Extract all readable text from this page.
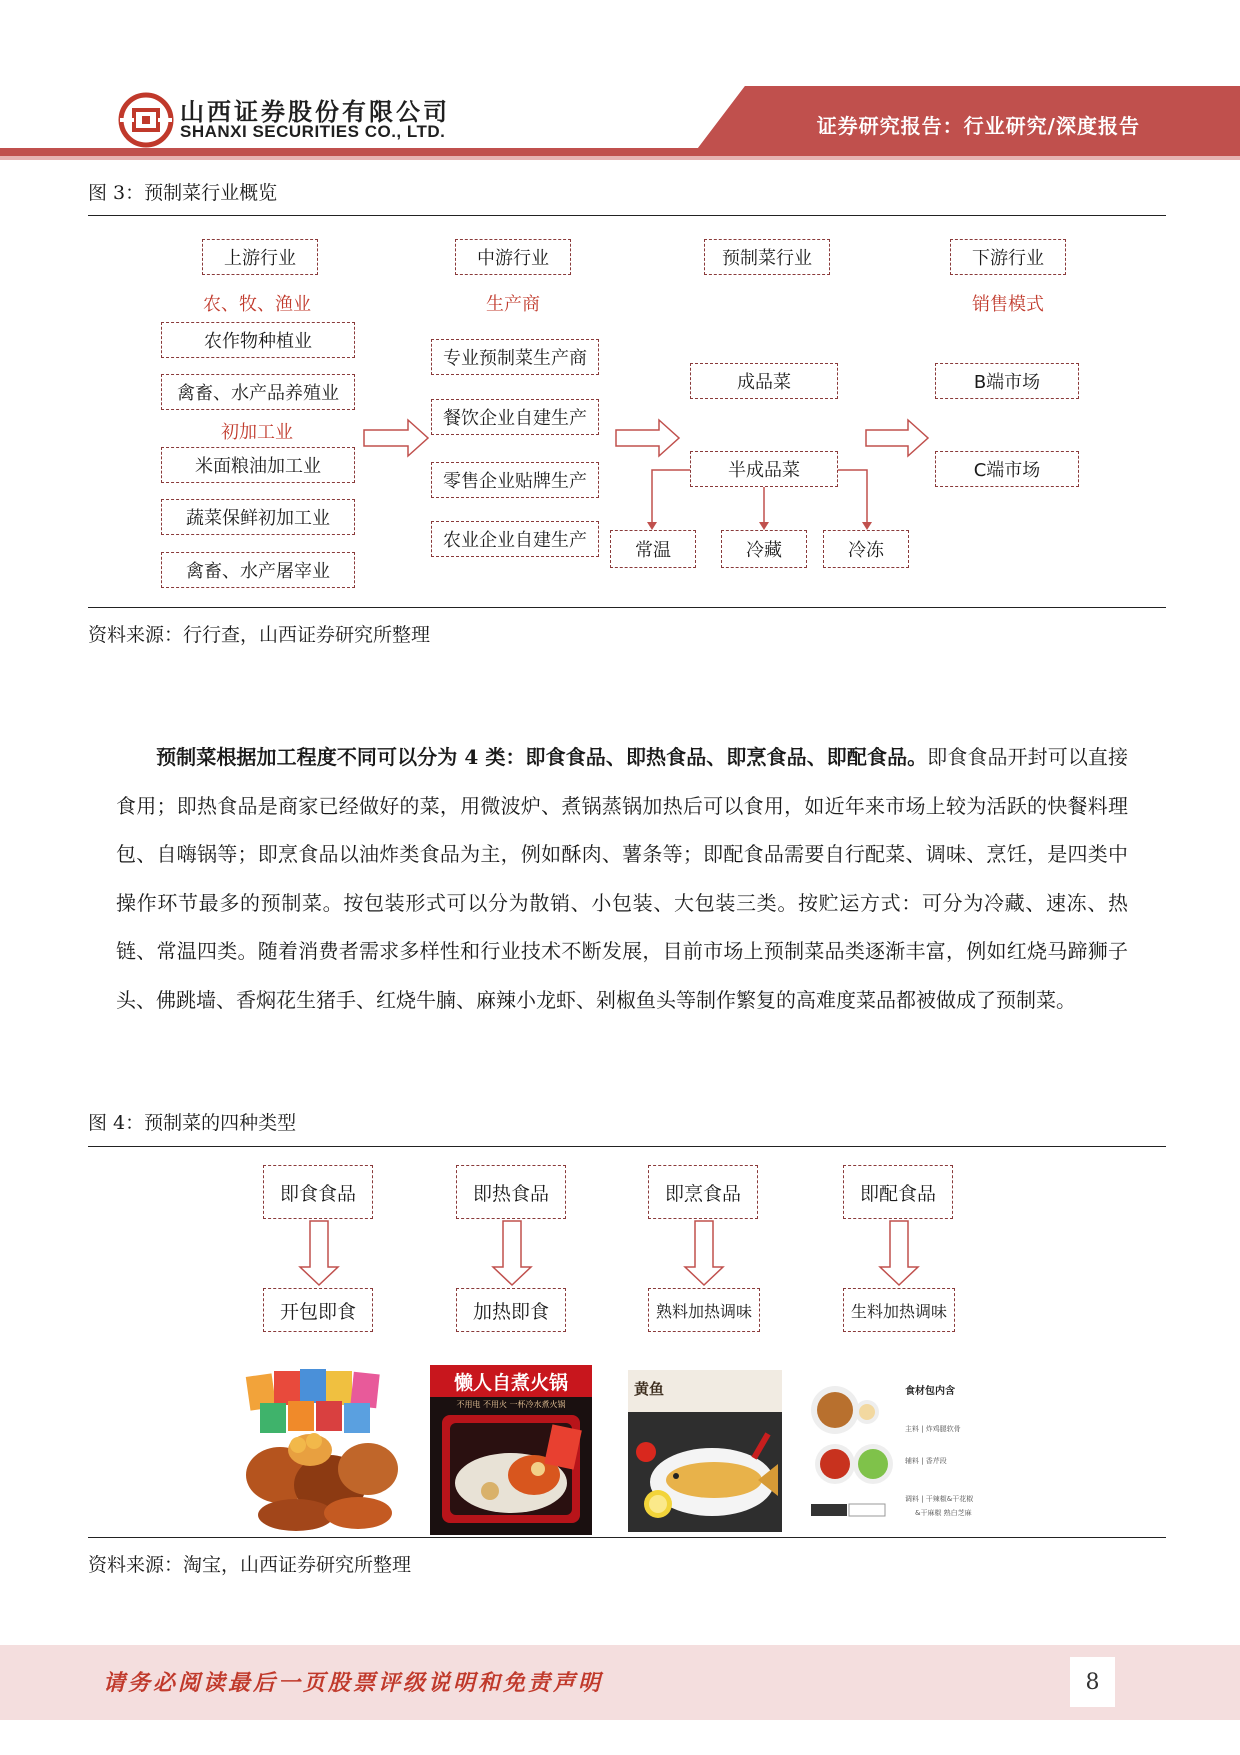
山西证券股份有限公司
SHANXI SECURITIES CO., LTD.	证券研究报告：行业研究/深度报告
图 3：预制菜行业概览
上游行业	中游行业	预制菜行业	下游行业
农、牧、渔业
农作物种植业
禽畜、水产品养殖业
初加工业
米面粮油加工业
蔬菜保鲜初加工业
禽畜、水产屠宰业
生产商
专业预制菜生产商
餐饮企业自建生产
零售企业贴牌生产
农业企业自建生产
成品菜
半成品菜
常温	冷藏	冷冻
销售模式
B端市场
C端市场
资料来源：行行查，山西证券研究所整理
预制菜根据加工程度不同可以分为 4 类：即食食品、即热食品、即烹食品、即配食品。即食食品开封可以直接食用；即热食品是商家已经做好的菜，用微波炉、煮锅蒸锅加热后可以食用，如近年来市场上较为活跃的快餐料理包、自嗨锅等；即烹食品以油炸类食品为主，例如酥肉、薯条等；即配食品需要自行配菜、调味、烹饪，是四类中操作环节最多的预制菜。按包装形式可以分为散销、小包装、大包装三类。按贮运方式：可分为冷藏、速冻、热链、常温四类。随着消费者需求多样性和行业技术不断发展，目前市场上预制菜品类逐渐丰富，例如红烧马蹄狮子头、佛跳墙、香焖花生猪手、红烧牛腩、麻辣小龙虾、剁椒鱼头等制作繁复的高难度菜品都被做成了预制菜。
图 4：预制菜的四种类型
即食食品	即热食品	即烹食品	即配食品
开包即食	加热即食	熟料加热调味	生料加热调味
懒人自煮火锅
不用电 不用火 一杯冷水煮火锅
黄鱼	食材包内含
主料 | 炸鸡腿软骨
辅料 | 香芹段
调料 | 干辣椒&干花椒
&干麻椒 熟白芝麻
资料来源：淘宝，山西证券研究所整理
请务必阅读最后一页股票评级说明和免责声明	8
